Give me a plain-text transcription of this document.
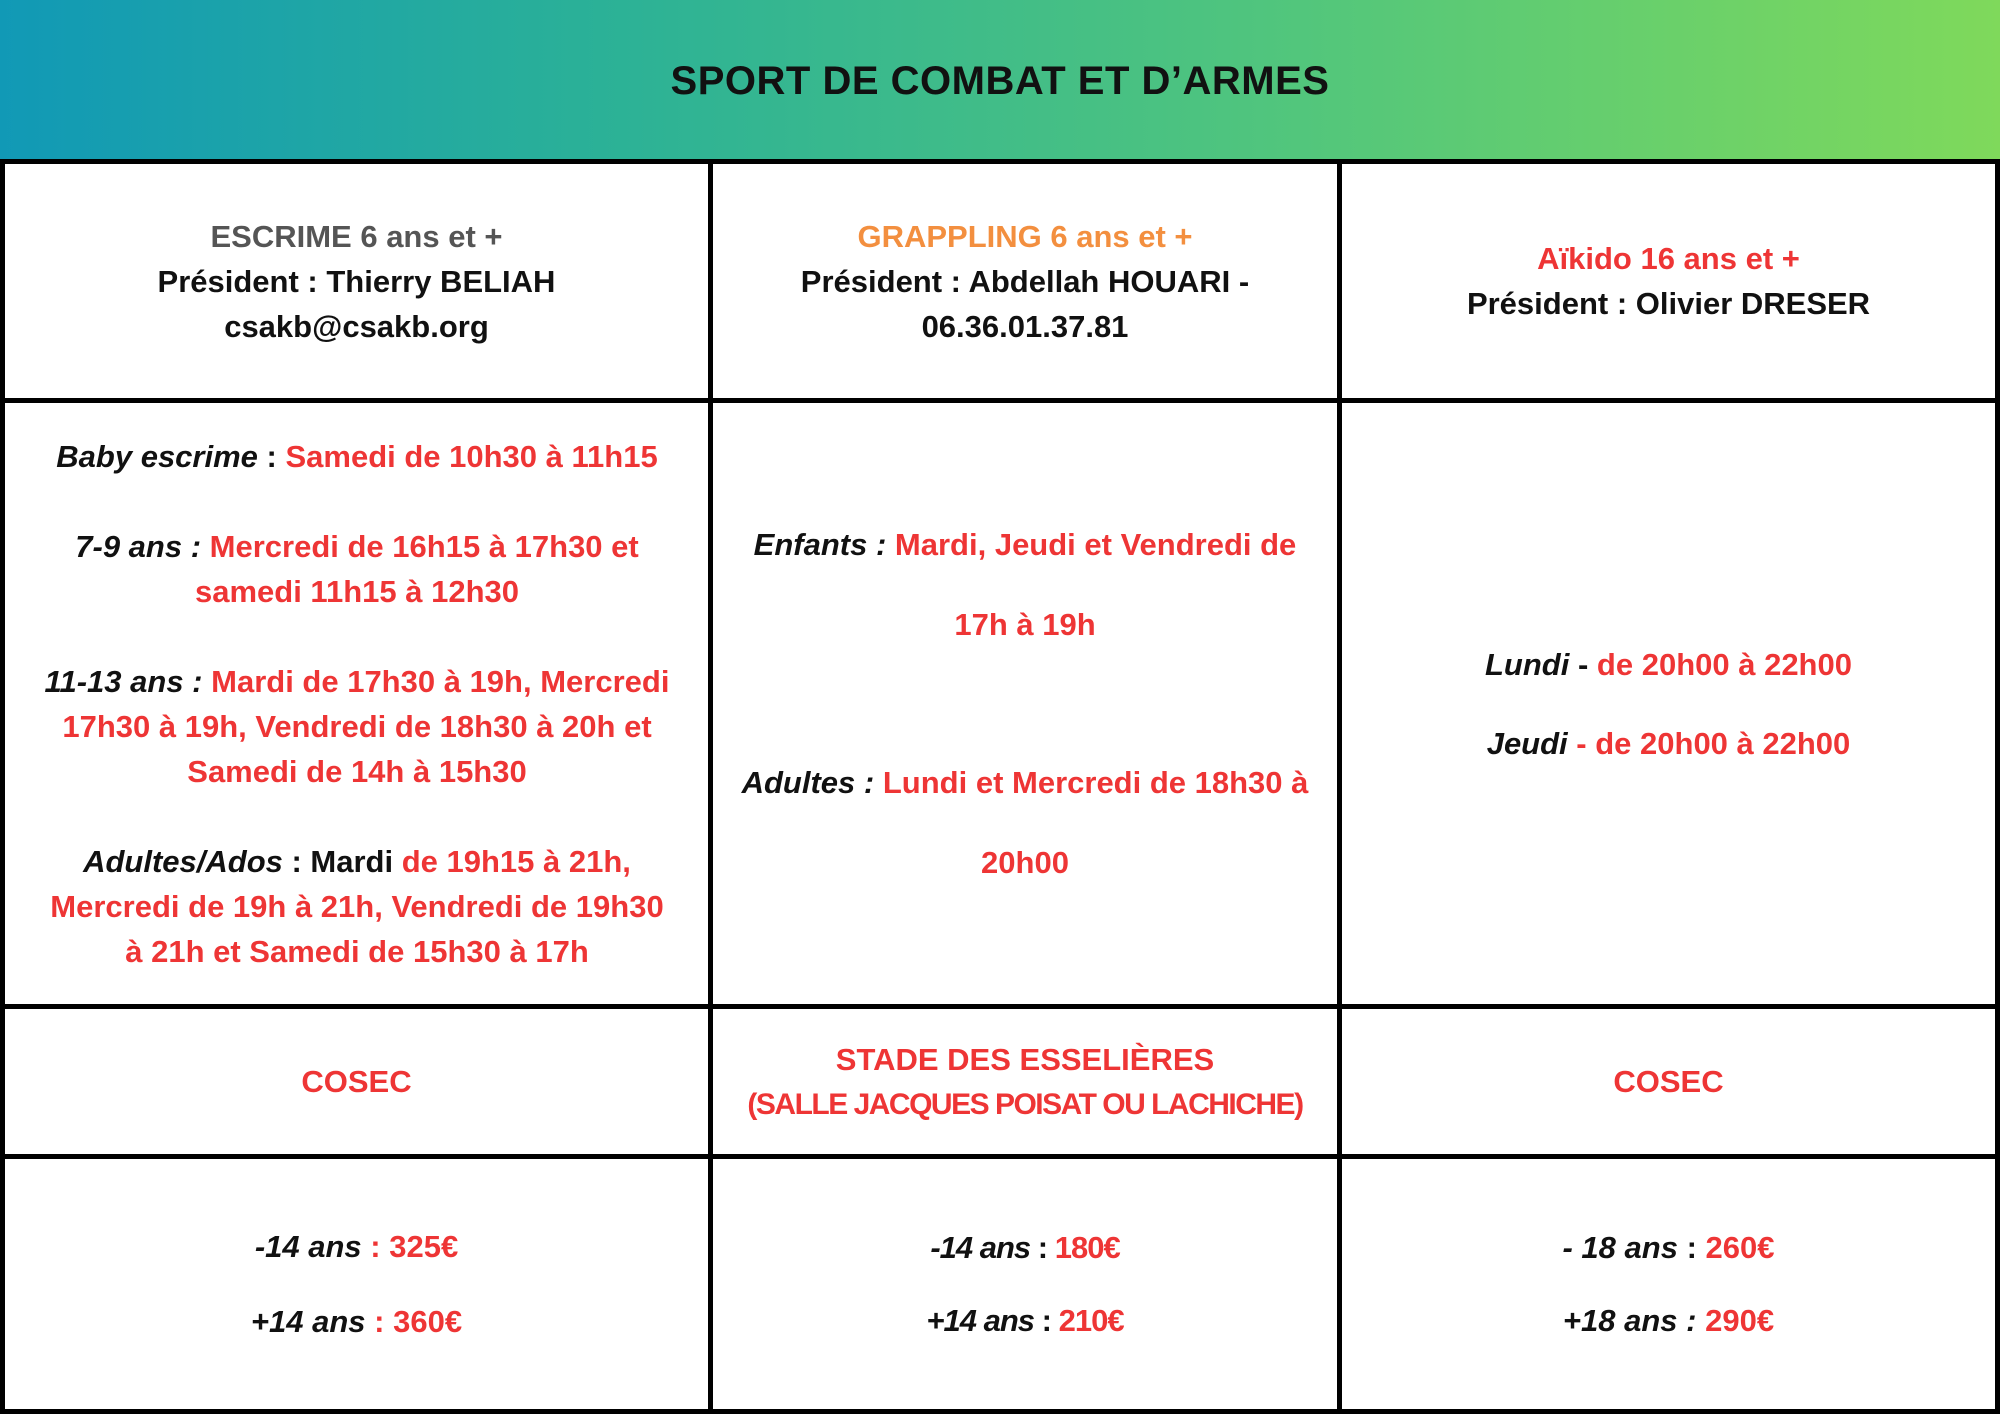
SPORT DE COMBAT ET D’ARMES

ESCRIME 6 ans et +

Président : Thierry BELIAH

csakb@csakb.org

GRAPPLING 6 ans et +

Président : Abdellah HOUARI - 06.36.01.37.81

Aïkido 16 ans et +

Président : Olivier DRESER

Baby escrime : Samedi de 10h30 à 11h15

7-9 ans : Mercredi de 16h15 à 17h30 et samedi 11h15 à 12h30

11-13 ans : Mardi de 17h30 à 19h, Mercredi 17h30 à 19h, Vendredi de 18h30 à 20h et Samedi de 14h à 15h30

Adultes/Ados : Mardi de 19h15 à 21h, Mercredi de 19h à 21h, Vendredi de 19h30 à 21h et Samedi de 15h30 à 17h

Enfants : Mardi, Jeudi et Vendredi de 17h à 19h

Adultes : Lundi et Mercredi de 18h30 à 20h00

Lundi - de 20h00 à 22h00

Jeudi - de 20h00 à 22h00

COSEC

STADE DES ESSELIÈRES

(SALLE JACQUES POISAT OU LACHICHE)

COSEC

-14 ans : 325€

+14 ans : 360€

-14 ans : 180€

+14 ans : 210€

- 18 ans : 260€

+18 ans : 290€
